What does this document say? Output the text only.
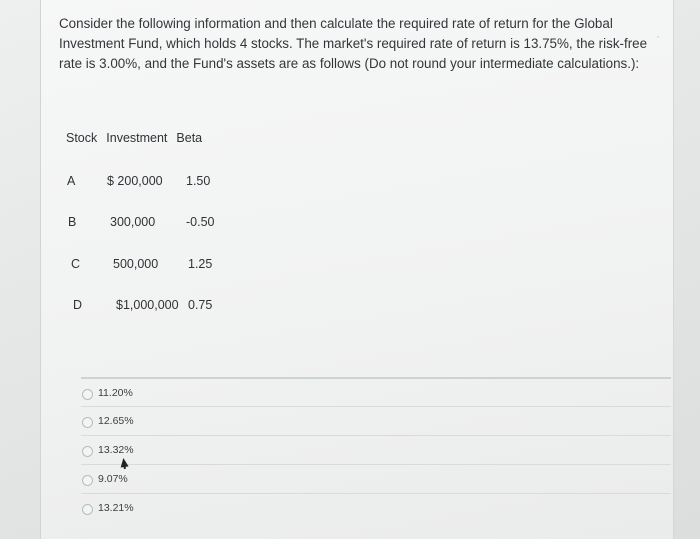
Consider the following information and then calculate the required rate of return for the Global Investment Fund, which holds 4 stocks. The market's required rate of return is 13.75%, the risk-free rate is 3.00%, and the Fund's assets are as follows (Do not round your intermediate calculations.):
◦
Stock Investment Beta
A	$ 200,000 1.50
B	300,000 -0.50
C	500,000 1.25
D	$1,000,000 0.75
11.20%
12.65%
13.32%
9.07%
13.21%
